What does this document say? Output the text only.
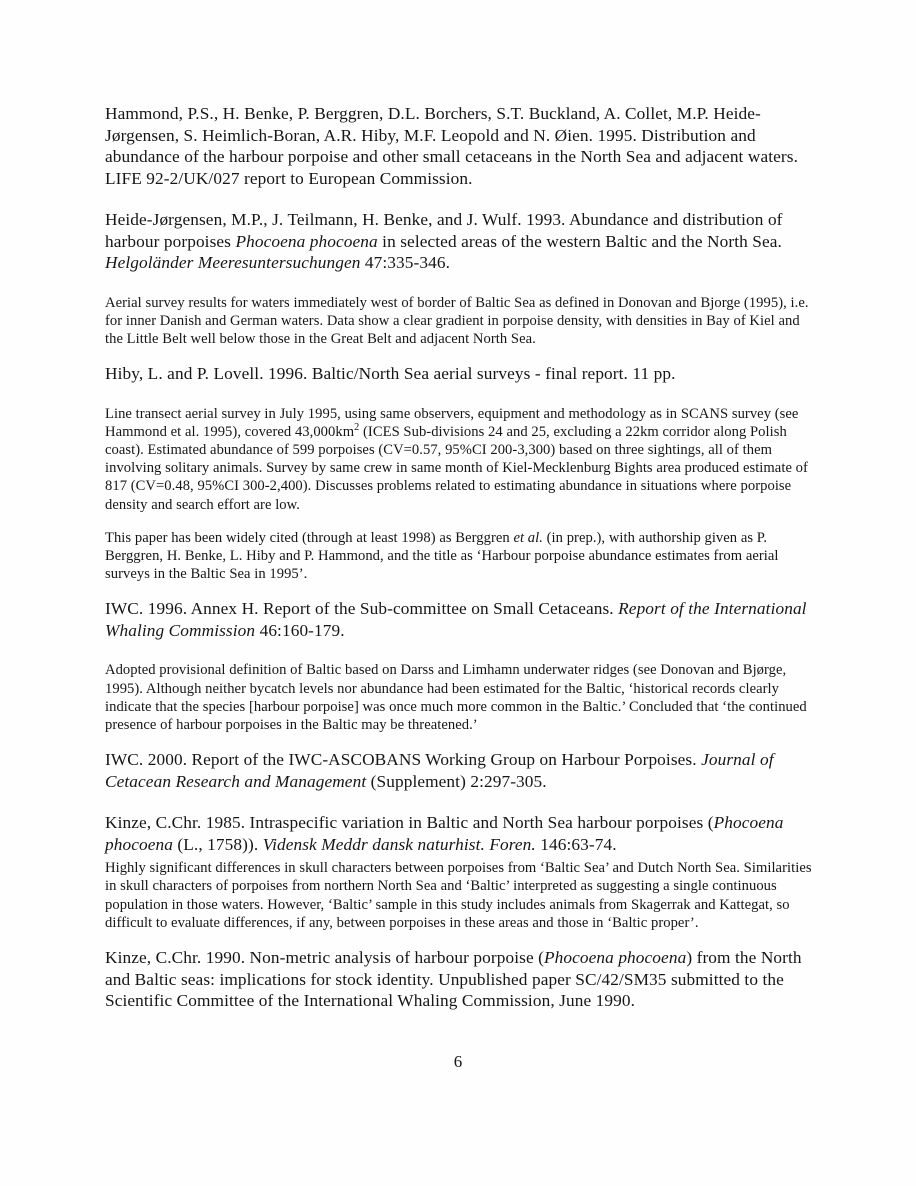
Hammond, P.S., H. Benke, P. Berggren, D.L. Borchers, S.T. Buckland, A. Collet, M.P. Heide-Jørgensen, S. Heimlich-Boran, A.R. Hiby, M.F. Leopold and N. Øien. 1995. Distribution and abundance of the harbour porpoise and other small cetaceans in the North Sea and adjacent waters. LIFE 92-2/UK/027 report to European Commission.

Heide-Jørgensen, M.P., J. Teilmann, H. Benke, and J. Wulf. 1993. Abundance and distribution of harbour porpoises Phocoena phocoena in selected areas of the western Baltic and the North Sea. Helgoländer Meeresuntersuchungen 47:335-346.

Aerial survey results for waters immediately west of border of Baltic Sea as defined in Donovan and Bjorge (1995), i.e. for inner Danish and German waters. Data show a clear gradient in porpoise density, with densities in Bay of Kiel and the Little Belt well below those in the Great Belt and adjacent North Sea.

Hiby, L. and P. Lovell. 1996. Baltic/North Sea aerial surveys - final report. 11 pp.

Line transect aerial survey in July 1995, using same observers, equipment and methodology as in SCANS survey (see Hammond et al. 1995), covered $43,000km^2$ (ICES Sub-divisions 24 and 25, excluding a 22km corridor along Polish coast). Estimated abundance of 599 porpoises (CV=0.57, 95%CI 200-3,300) based on three sightings, all of them involving solitary animals. Survey by same crew in same month of Kiel-Mecklenburg Bights area produced estimate of 817 (CV=0.48, 95%CI 300-2,400). Discusses problems related to estimating abundance in situations where porpoise density and search effort are low.

This paper has been widely cited (through at least 1998) as Berggren et al. (in prep.), with authorship given as P. Berggren, H. Benke, L. Hiby and P. Hammond, and the title as ‘Harbour porpoise abundance estimates from aerial surveys in the Baltic Sea in 1995’.

IWC. 1996. Annex H. Report of the Sub-committee on Small Cetaceans. Report of the International Whaling Commission 46:160-179.

Adopted provisional definition of Baltic based on Darss and Limhamn underwater ridges (see Donovan and Bjørge, 1995). Although neither bycatch levels nor abundance had been estimated for the Baltic, ‘historical records clearly indicate that the species [harbour porpoise] was once much more common in the Baltic.’ Concluded that ‘the continued presence of harbour porpoises in the Baltic may be threatened.’

IWC. 2000. Report of the IWC-ASCOBANS Working Group on Harbour Porpoises. Journal of Cetacean Research and Management (Supplement) 2:297-305.

Kinze, C.Chr. 1985. Intraspecific variation in Baltic and North Sea harbour porpoises (Phocoena phocoena (L., 1758)). Vidensk Meddr dansk naturhist. Foren. 146:63-74.

Highly significant differences in skull characters between porpoises from ‘Baltic Sea’ and Dutch North Sea. Similarities in skull characters of porpoises from northern North Sea and ‘Baltic’ interpreted as suggesting a single continuous population in those waters. However, ‘Baltic’ sample in this study includes animals from Skagerrak and Kattegat, so difficult to evaluate differences, if any, between porpoises in these areas and those in ‘Baltic proper’.

Kinze, C.Chr. 1990. Non-metric analysis of harbour porpoise (Phocoena phocoena) from the North and Baltic seas: implications for stock identity. Unpublished paper SC/42/SM35 submitted to the Scientific Committee of the International Whaling Commission, June 1990.

6
